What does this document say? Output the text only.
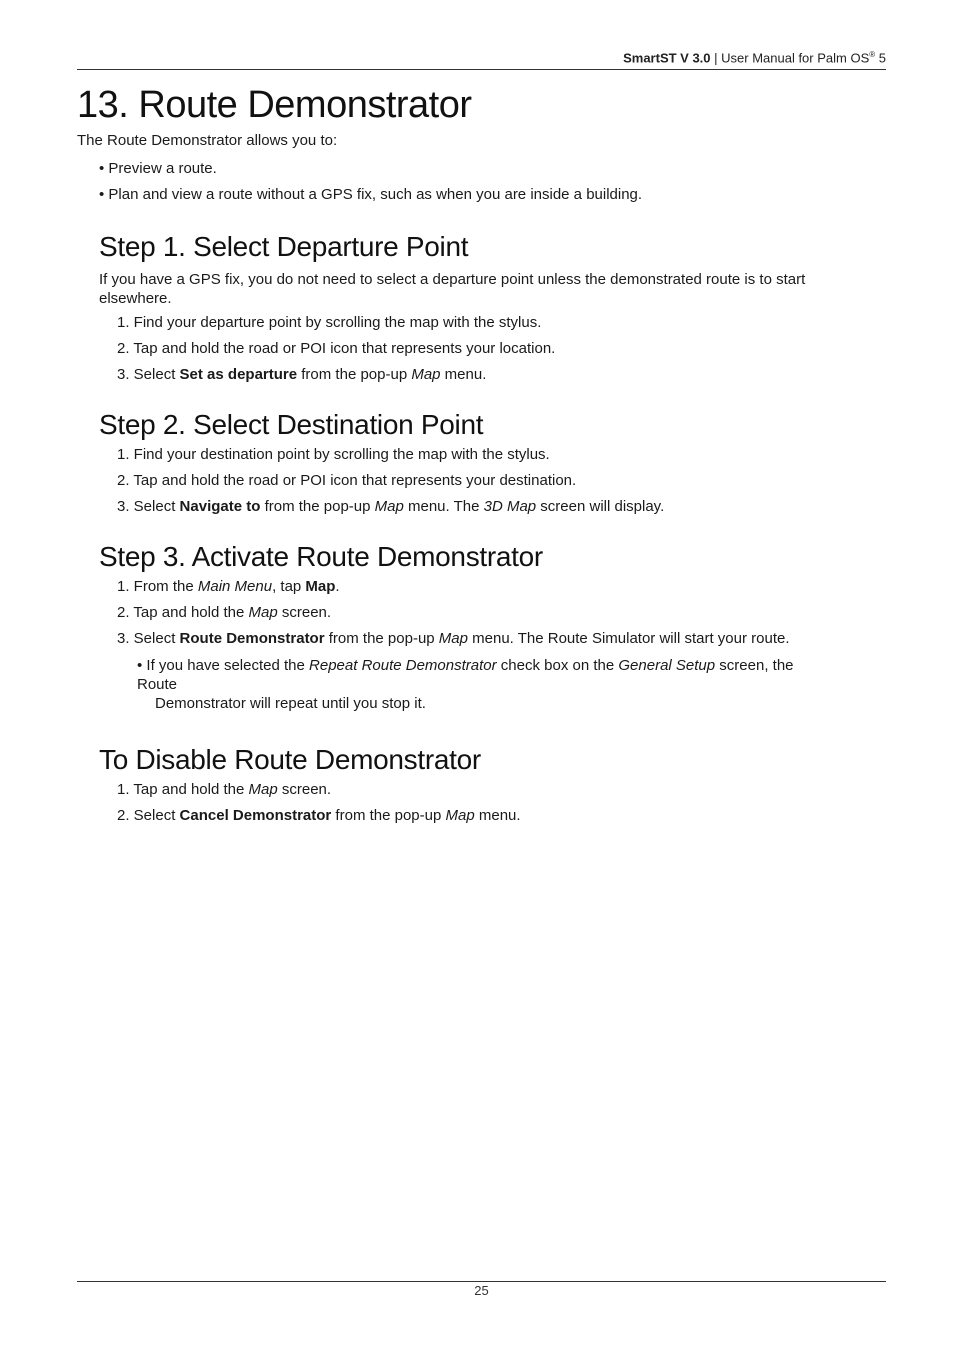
SmartST V 3.0 | User Manual for Palm OS® 5
13. Route Demonstrator

The Route Demonstrator allows you to:

• Preview a route.
• Plan and view a route without a GPS fix, such as when you are inside a building.
Step 1. Select Departure Point

If you have a GPS fix, you do not need to select a departure point unless the demonstrated route is to start elsewhere.

1. Find your departure point by scrolling the map with the stylus.
2. Tap and hold the road or POI icon that represents your location.
3. Select Set as departure from the pop-up Map menu.
Step 2. Select Destination Point
1. Find your destination point by scrolling the map with the stylus.
2. Tap and hold the road or POI icon that represents your destination.
3. Select Navigate to from the pop-up Map menu. The 3D Map screen will display.
Step 3. Activate Route Demonstrator
1. From the Main Menu, tap Map.
2. Tap and hold the Map screen.
3. Select Route Demonstrator from the pop-up Map menu. The Route Simulator will start your route.
• If you have selected the Repeat Route Demonstrator check box on the General Setup screen, the Route
Demonstrator will repeat until you stop it.
To Disable Route Demonstrator
1. Tap and hold the Map screen.
2. Select Cancel Demonstrator from the pop-up Map menu.
25
